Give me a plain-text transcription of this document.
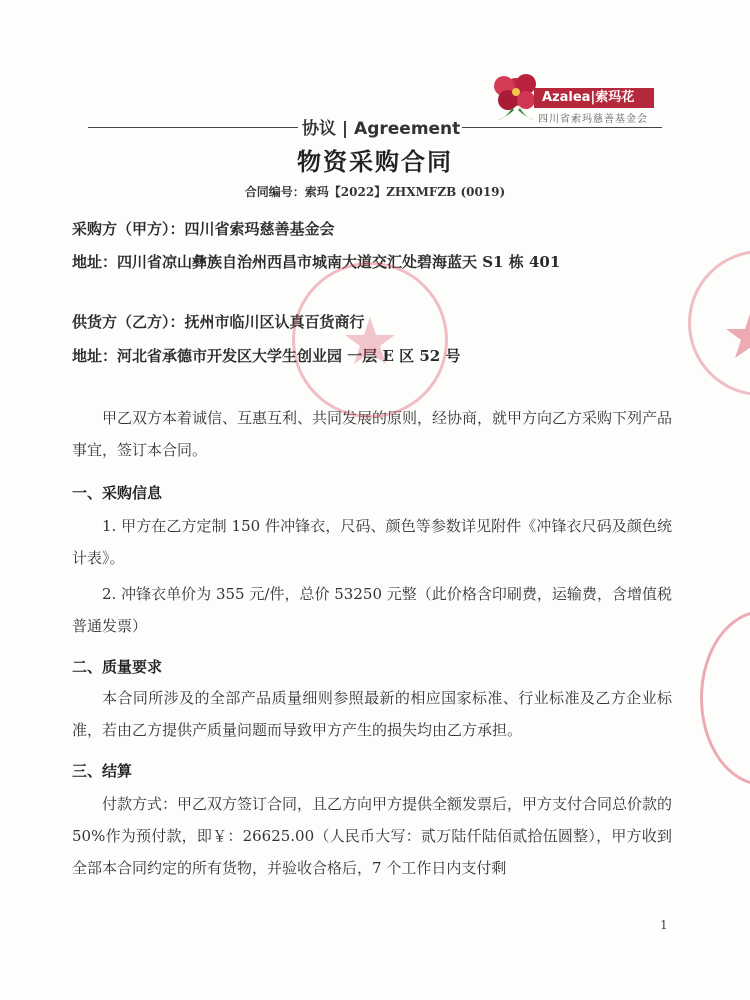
Azalea|索玛花
四川省索玛慈善基金会
协议 | Agreement
物资采购合同
合同编号：索玛【2022】ZHXMFZB (0019)
采购方（甲方）：四川省索玛慈善基金会
地址：四川省凉山彝族自治州西昌市城南大道交汇处碧海蓝天 S1 栋 401
供货方（乙方）：抚州市临川区认真百货商行
地址：河北省承德市开发区大学生创业园 一层 E 区 52 号
甲乙双方本着诚信、互惠互利、共同发展的原则，经协商，就甲方向乙方采购下列产品事宜，签订本合同。
一、采购信息
1. 甲方在乙方定制 150 件冲锋衣，尺码、颜色等参数详见附件《冲锋衣尺码及颜色统计表》。
2. 冲锋衣单价为 355 元/件，总价 53250 元整（此价格含印刷费，运输费，含增值税普通发票）
二、质量要求
本合同所涉及的全部产品质量细则参照最新的相应国家标准、行业标准及乙方企业标准，若由乙方提供产质量问题而导致甲方产生的损失均由乙方承担。
三、结算
付款方式：甲乙双方签订合同，且乙方向甲方提供全额发票后，甲方支付合同总价款的 50%作为预付款，即￥：26625.00（人民币大写：贰万陆仟陆佰贰拾伍圆整），甲方收到全部本合同约定的所有货物，并验收合格后，7 个工作日内支付剩
1
